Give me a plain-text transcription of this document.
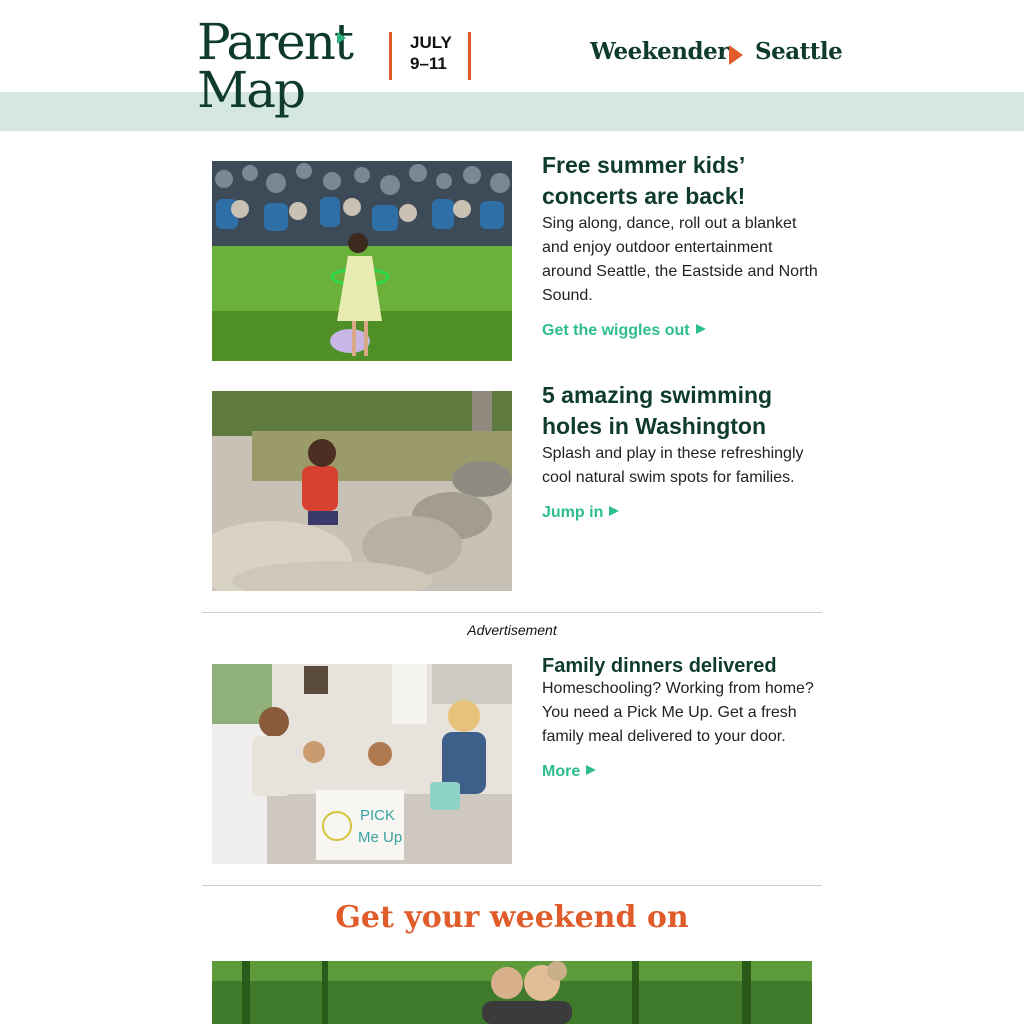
Parent
Map
JULY
9–11	Weekender Seattle
Free summer kids’ concerts are back!
Sing along, dance, roll out a blanket and enjoy outdoor entertainment around Seattle, the Eastside and North Sound.
Get the wiggles out
5 amazing swimming holes in Washington
Splash and play in these refreshingly cool natural swim spots for families.
Jump in
Advertisement
PICK
Me Up
Family dinners delivered
Homeschooling? Working from home? You need a Pick Me Up. Get a fresh family meal delivered to your door.
More
Get your weekend on
